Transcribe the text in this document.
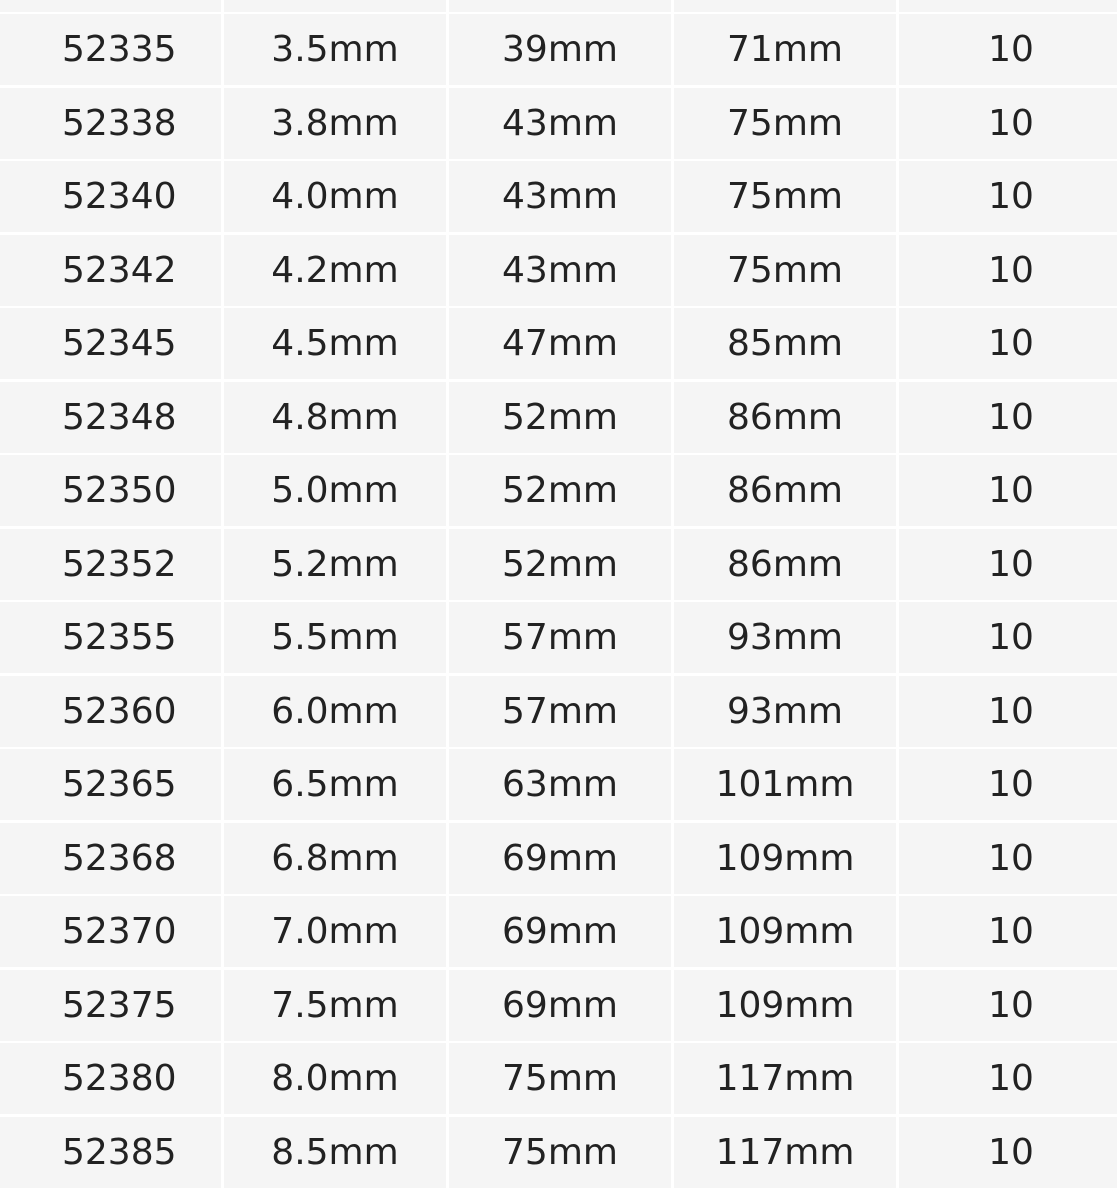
52335	3.5mm	39mm	71mm	10
52338	3.8mm	43mm	75mm	10
52340	4.0mm	43mm	75mm	10
52342	4.2mm	43mm	75mm	10
52345	4.5mm	47mm	85mm	10
52348	4.8mm	52mm	86mm	10
52350	5.0mm	52mm	86mm	10
52352	5.2mm	52mm	86mm	10
52355	5.5mm	57mm	93mm	10
52360	6.0mm	57mm	93mm	10
52365	6.5mm	63mm	101mm	10
52368	6.8mm	69mm	109mm	10
52370	7.0mm	69mm	109mm	10
52375	7.5mm	69mm	109mm	10
52380	8.0mm	75mm	117mm	10
52385	8.5mm	75mm	117mm	10
